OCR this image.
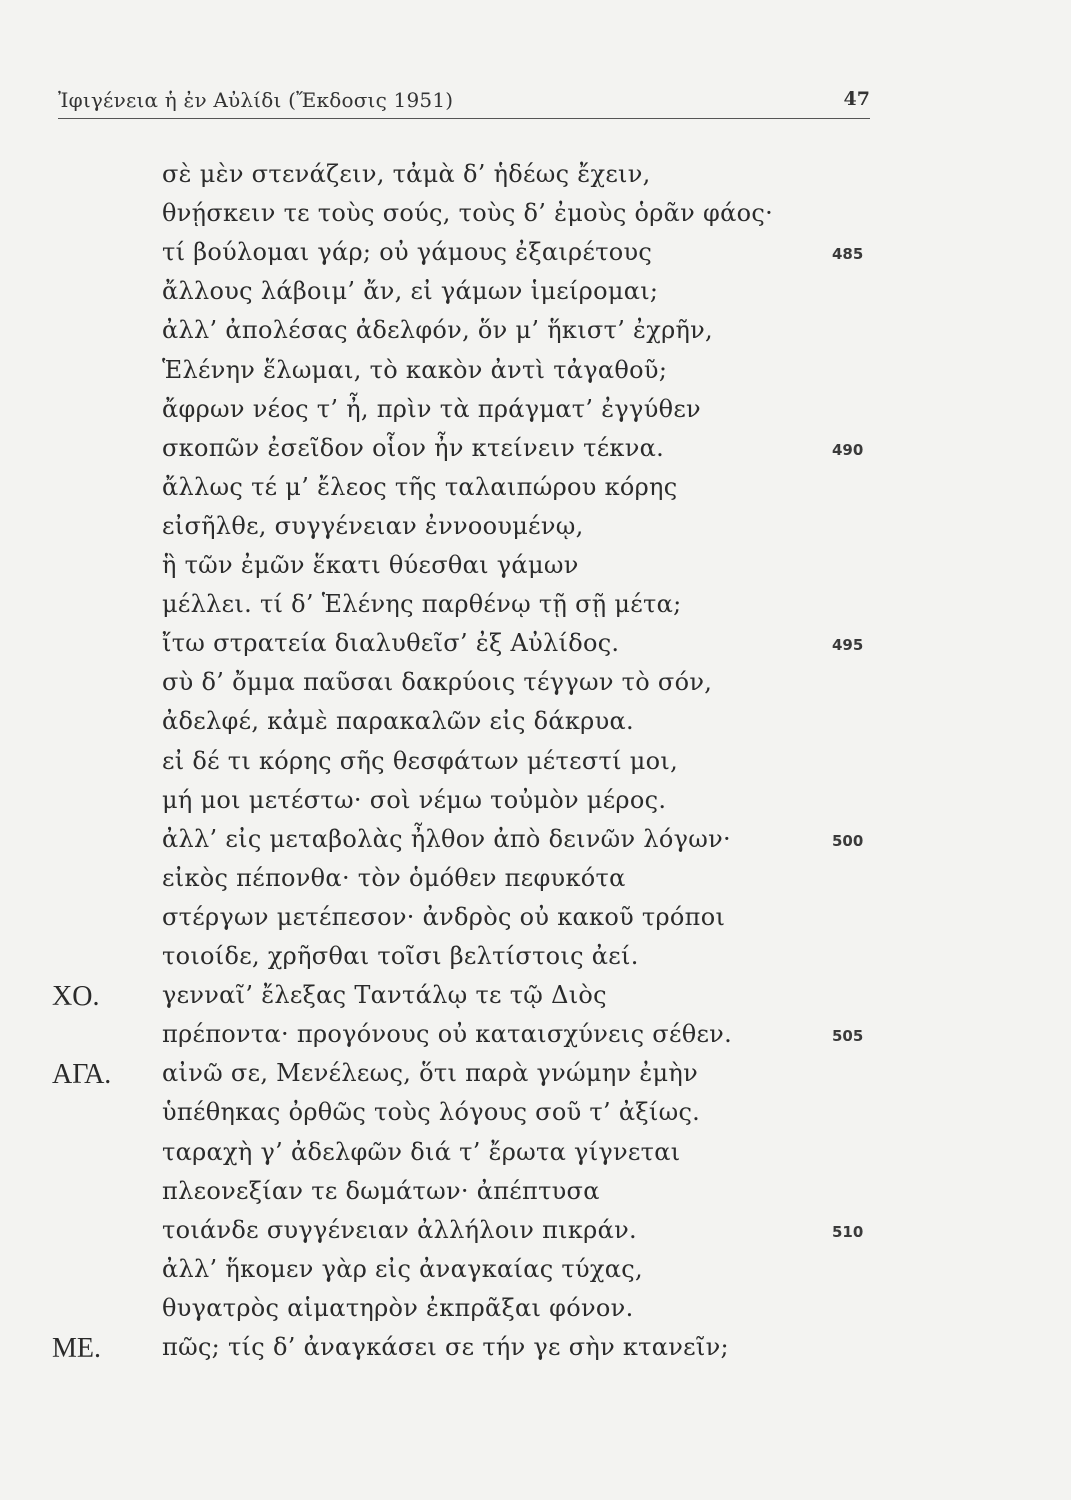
Ἰφιγένεια ἡ ἐν Αὐλίδι (Ἔκδοσις 1951)	47
σὲ μὲν στενάζειν, τἀμὰ δ’ ἡδέως ἔχειν,
θνῄσκειν τε τοὺς σούς, τοὺς δ’ ἐμοὺς ὁρᾶν φάος·
τί βούλομαι γάρ; οὐ γάμους ἐξαιρέτους	485
ἄλλους λάβοιμ’ ἄν, εἰ γάμων ἱμείρομαι;
ἀλλ’ ἀπολέσας ἀδελφόν, ὅν μ’ ἥκιστ’ ἐχρῆν,
Ἑλένην ἕλωμαι, τὸ κακὸν ἀντὶ τἀγαθοῦ;
ἄφρων νέος τ’ ἦ, πρὶν τὰ πράγματ’ ἐγγύθεν
σκοπῶν ἐσεῖδον οἷον ἦν κτείνειν τέκνα.	490
ἄλλως τέ μ’ ἔλεος τῆς ταλαιπώρου κόρης
εἰσῆλθε, συγγένειαν ἐννοουμένῳ,
ἣ τῶν ἐμῶν ἕκατι θύεσθαι γάμων
μέλλει. τί δ’ Ἑλένης παρθένῳ τῇ σῇ μέτα;
ἴτω στρατεία διαλυθεῖσ’ ἐξ Αὐλίδος.	495
σὺ δ’ ὄμμα παῦσαι δακρύοις τέγγων τὸ σόν,
ἀδελφέ, κἀμὲ παρακαλῶν εἰς δάκρυα.
εἰ δέ τι κόρης σῆς θεσφάτων μέτεστί μοι,
μή μοι μετέστω· σοὶ νέμω τοὐμὸν μέρος.
ἀλλ’ εἰς μεταβολὰς ἦλθον ἀπὸ δεινῶν λόγων·	500
εἰκὸς πέπονθα· τὸν ὁμόθεν πεφυκότα
στέργων μετέπεσον· ἀνδρὸς οὐ κακοῦ τρόποι
τοιοίδε, χρῆσθαι τοῖσι βελτίστοις ἀεί.
ΧΟ.	γενναῖ’ ἔλεξας Ταντάλῳ τε τῷ Διὸς
πρέποντα· προγόνους οὐ καταισχύνεις σέθεν.	505
ΑΓΑ. αἰνῶ σε, Μενέλεως, ὅτι παρὰ γνώμην ἐμὴν
ὑπέθηκας ὀρθῶς τοὺς λόγους σοῦ τ’ ἀξίως.
ταραχὴ γ’ ἀδελφῶν διά τ’ ἔρωτα γίγνεται
πλεονεξίαν τε δωμάτων· ἀπέπτυσα
τοιάνδε συγγένειαν ἀλλήλοιν πικράν.	510
ἀλλ’ ἥκομεν γὰρ εἰς ἀναγκαίας τύχας,
θυγατρὸς αἱματηρὸν ἐκπρᾶξαι φόνον.
ΜΕ.	πῶς; τίς δ’ ἀναγκάσει σε τήν γε σὴν κτανεῖν;
